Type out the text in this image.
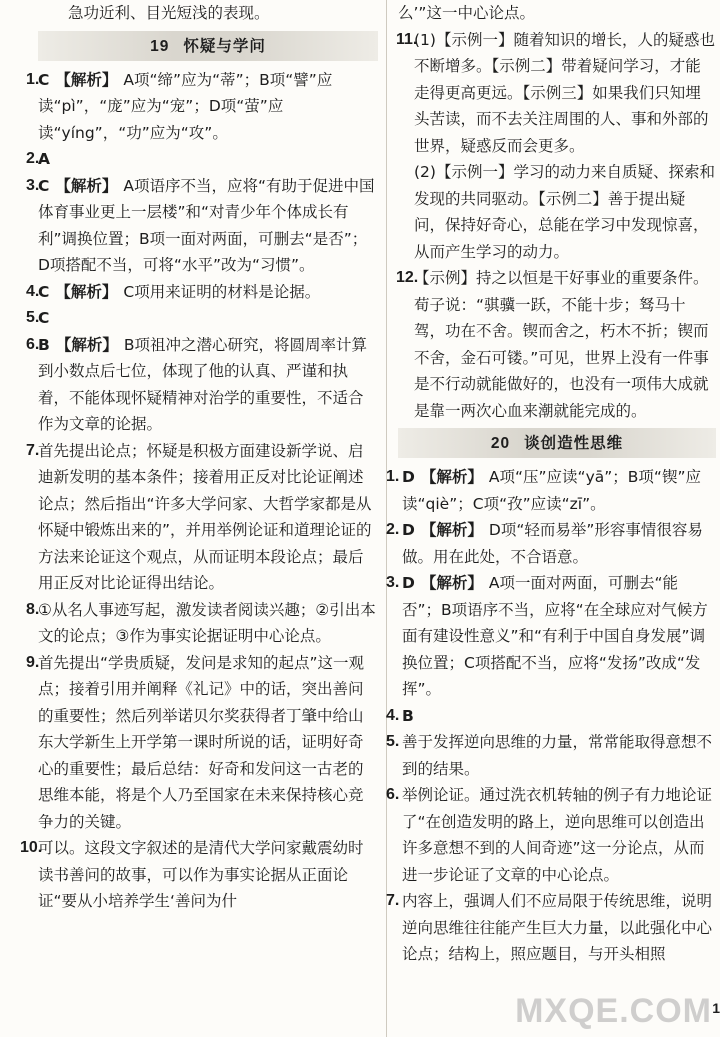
急功近利、目光短浅的表现。
19 怀疑与学问
1.
C 【解析】 A项“缔”应为“蒂”；B项“譬”应读“pì”，“庞”应为“宠”；D项“萤”应读“yíng”，“功”应为“攻”。
2.
A
3.
C 【解析】 A项语序不当，应将“有助于促进中国体育事业更上一层楼”和“对青少年个体成长有利”调换位置；B项一面对两面，可删去“是否”；D项搭配不当，可将“水平”改为“习惯”。
4.
C 【解析】 C项用来证明的材料是论据。
5.
C
6.
B 【解析】 B项祖冲之潜心研究，将圆周率计算到小数点后七位，体现了他的认真、严谨和执着，不能体现怀疑精神对治学的重要性，不适合作为文章的论据。
7.
首先提出论点；怀疑是积极方面建设新学说、启迪新发明的基本条件；接着用正反对比论证阐述论点；然后指出“许多大学问家、大哲学家都是从怀疑中锻炼出来的”，并用举例论证和道理论证的方法来论证这个观点，从而证明本段论点；最后用正反对比论证得出结论。
8.
①从名人事迹写起，激发读者阅读兴趣；②引出本文的论点；③作为事实论据证明中心论点。
9.
首先提出“学贵质疑，发问是求知的起点”这一观点；接着引用并阐释《礼记》中的话，突出善问的重要性；然后列举诺贝尔奖获得者丁肇中给山东大学新生上开学第一课时所说的话，证明好奇心的重要性；最后总结：好奇和发问这一古老的思维本能，将是个人乃至国家在未来保持核心竞争力的关键。
10.
可以。这段文字叙述的是清代大学问家戴震幼时读书善问的故事，可以作为事实论据从正面论证“要从小培养学生‘善问为什
么’”这一中心论点。
11.
(1)【示例一】随着知识的增长，人的疑惑也不断增多。【示例二】带着疑问学习，才能走得更高更远。【示例三】如果我们只知埋头苦读，而不去关注周围的人、事和外部的世界，疑惑反而会更多。
(2)【示例一】学习的动力来自质疑、探索和发现的共同驱动。【示例二】善于提出疑问，保持好奇心，总能在学习中发现惊喜，从而产生学习的动力。
12.
【示例】持之以恒是干好事业的重要条件。荀子说：“骐骥一跃，不能十步；驽马十驾，功在不舍。锲而舍之，朽木不折；锲而不舍，金石可镂。”可见，世界上没有一件事是不行动就能做好的，也没有一项伟大成就是靠一两次心血来潮就能完成的。
20 谈创造性思维
1. D 【解析】 A项“压”应读“yā”；B项“锲”应读“qiè”；C项“孜”应读“zī”。
2. D 【解析】 D项“轻而易举”形容事情很容易做。用在此处，不合语意。
3. D 【解析】 A项一面对两面，可删去“能否”；B项语序不当，应将“在全球应对气候方面有建设性意义”和“有利于中国自身发展”调换位置；C项搭配不当，应将“发扬”改成“发挥”。
4. B
5. 善于发挥逆向思维的力量，常常能取得意想不到的结果。
6. 举例论证。通过洗衣机转轴的例子有力地论证了“在创造发明的路上，逆向思维可以创造出许多意想不到的人间奇迹”这一分论点，从而进一步论证了文章的中心论点。
7. 内容上，强调人们不应局限于传统思维，说明逆向思维往往能产生巨大力量，以此强化中心论点；结构上，照应题目，与开头相照
1
MXQE.COM
